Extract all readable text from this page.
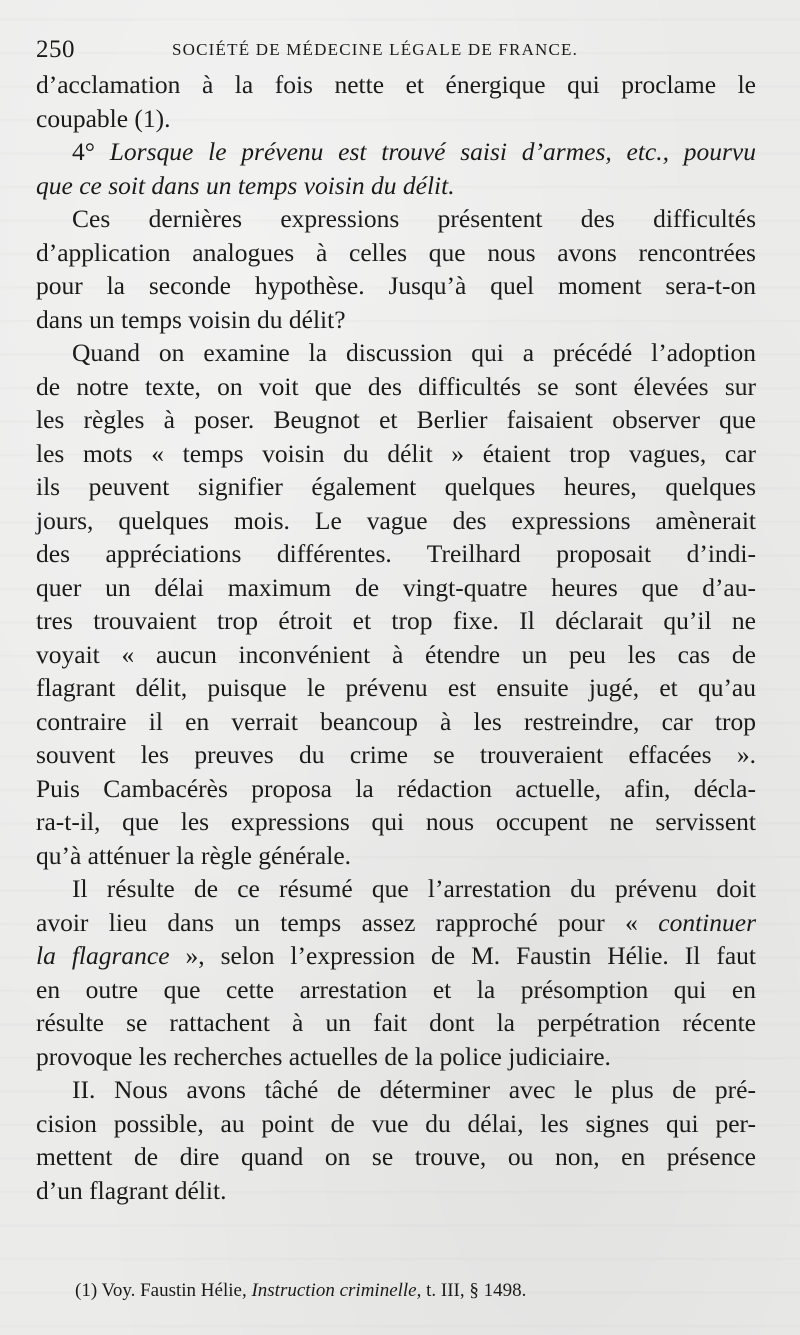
250	SOCIÉTÉ DE MÉDECINE LÉGALE DE FRANCE.
d’acclamation à la fois nette et énergique qui proclame le
coupable (1).
4° Lorsque le prévenu est trouvé saisi d’armes, etc., pourvu
que ce soit dans un temps voisin du délit.
Ces dernières expressions présentent des difficultés
d’application analogues à celles que nous avons rencontrées
pour la seconde hypothèse. Jusqu’à quel moment sera-t-on
dans un temps voisin du délit?
Quand on examine la discussion qui a précédé l’adoption
de notre texte, on voit que des difficultés se sont élevées sur
les règles à poser. Beugnot et Berlier faisaient observer que
les mots « temps voisin du délit » étaient trop vagues, car
ils peuvent signifier également quelques heures, quelques
jours, quelques mois. Le vague des expressions amènerait
des appréciations différentes. Treilhard proposait d’indi-
quer un délai maximum de vingt-quatre heures que d’au-
tres trouvaient trop étroit et trop fixe. Il déclarait qu’il ne
voyait « aucun inconvénient à étendre un peu les cas de
flagrant délit, puisque le prévenu est ensuite jugé, et qu’au
contraire il en verrait beancoup à les restreindre, car trop
souvent les preuves du crime se trouveraient effacées ».
Puis Cambacérès proposa la rédaction actuelle, afin, décla-
ra-t-il, que les expressions qui nous occupent ne servissent
qu’à atténuer la règle générale.
Il résulte de ce résumé que l’arrestation du prévenu doit
avoir lieu dans un temps assez rapproché pour « continuer
la flagrance », selon l’expression de M. Faustin Hélie. Il faut
en outre que cette arrestation et la présomption qui en
résulte se rattachent à un fait dont la perpétration récente
provoque les recherches actuelles de la police judiciaire.
II. Nous avons tâché de déterminer avec le plus de pré-
cision possible, au point de vue du délai, les signes qui per-
mettent de dire quand on se trouve, ou non, en présence
d’un flagrant délit.
(1) Voy. Faustin Hélie, Instruction criminelle, t. III, § 1498.
